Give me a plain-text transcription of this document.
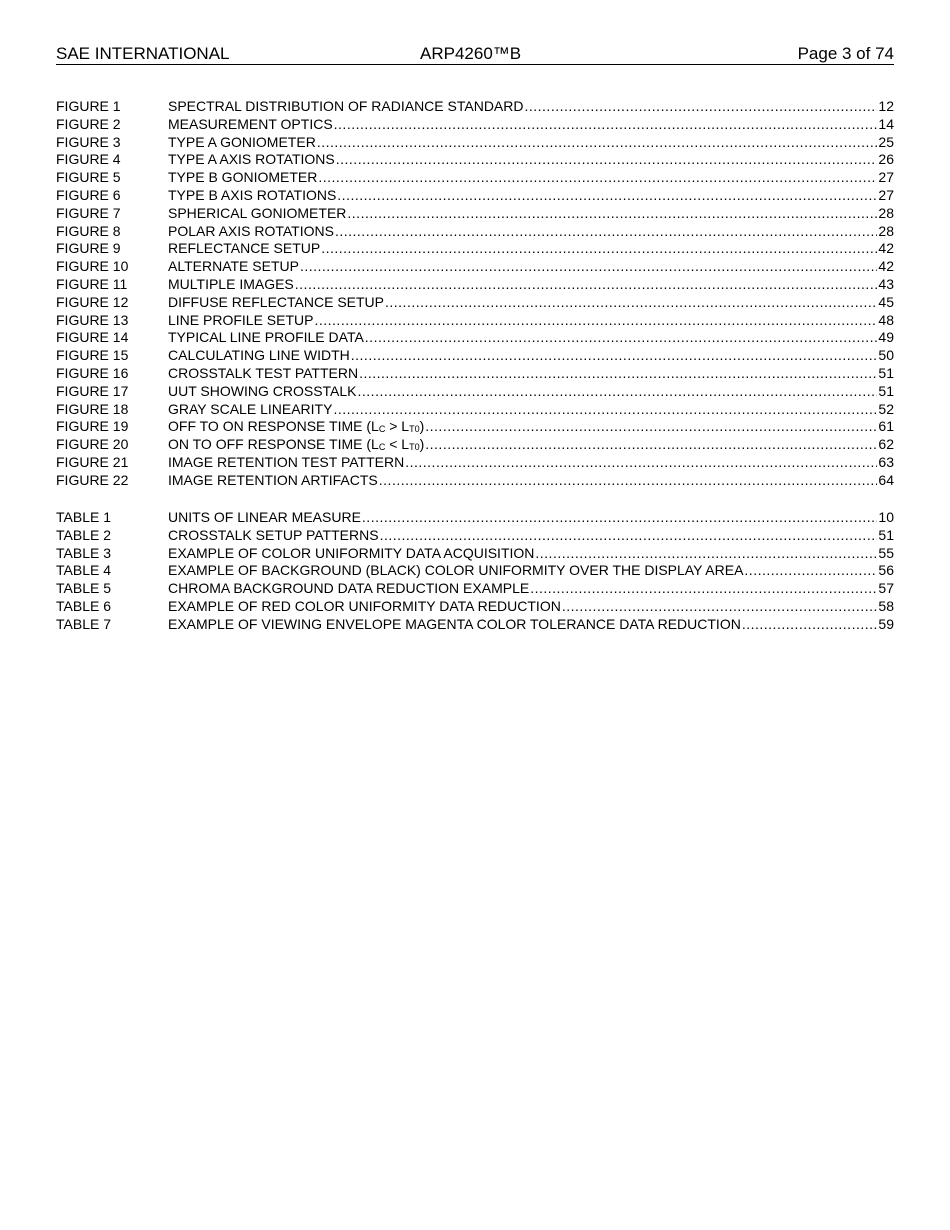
SAE INTERNATIONAL	ARP4260™B	Page 3 of 74
FIGURE 1	SPECTRAL DISTRIBUTION OF RADIANCE STANDARD .....	12
FIGURE 2	MEASUREMENT OPTICS .....	14
FIGURE 3	TYPE A GONIOMETER .....	25
FIGURE 4	TYPE A AXIS ROTATIONS .....	26
FIGURE 5	TYPE B GONIOMETER .....	27
FIGURE 6	TYPE B AXIS ROTATIONS .....	27
FIGURE 7	SPHERICAL GONIOMETER .....	28
FIGURE 8	POLAR AXIS ROTATIONS .....	28
FIGURE 9	REFLECTANCE SETUP .....	42
FIGURE 10	ALTERNATE SETUP .....	42
FIGURE 11	MULTIPLE IMAGES .....	43
FIGURE 12	DIFFUSE REFLECTANCE SETUP .....	45
FIGURE 13	LINE PROFILE SETUP .....	48
FIGURE 14	TYPICAL LINE PROFILE DATA .....	49
FIGURE 15	CALCULATING LINE WIDTH .....	50
FIGURE 16	CROSSTALK TEST PATTERN .....	51
FIGURE 17	UUT SHOWING CROSSTALK .....	51
FIGURE 18	GRAY SCALE LINEARITY .....	52
FIGURE 19	OFF TO ON RESPONSE TIME $(L_C > L_{T0})$ .....	61
FIGURE 20	ON TO OFF RESPONSE TIME $(L_C < L_{T0})$ .....	62
FIGURE 21	IMAGE RETENTION TEST PATTERN .....	63
FIGURE 22	IMAGE RETENTION ARTIFACTS .....	64
TABLE 1	UNITS OF LINEAR MEASURE .....	10
TABLE 2	CROSSTALK SETUP PATTERNS .....	51
TABLE 3	EXAMPLE OF COLOR UNIFORMITY DATA ACQUISITION .....	55
TABLE 4	EXAMPLE OF BACKGROUND (BLACK) COLOR UNIFORMITY OVER THE DISPLAY AREA .....	56
TABLE 5	CHROMA BACKGROUND DATA REDUCTION EXAMPLE .....	57
TABLE 6	EXAMPLE OF RED COLOR UNIFORMITY DATA REDUCTION .....	58
TABLE 7	EXAMPLE OF VIEWING ENVELOPE MAGENTA COLOR TOLERANCE DATA REDUCTION .....	59
